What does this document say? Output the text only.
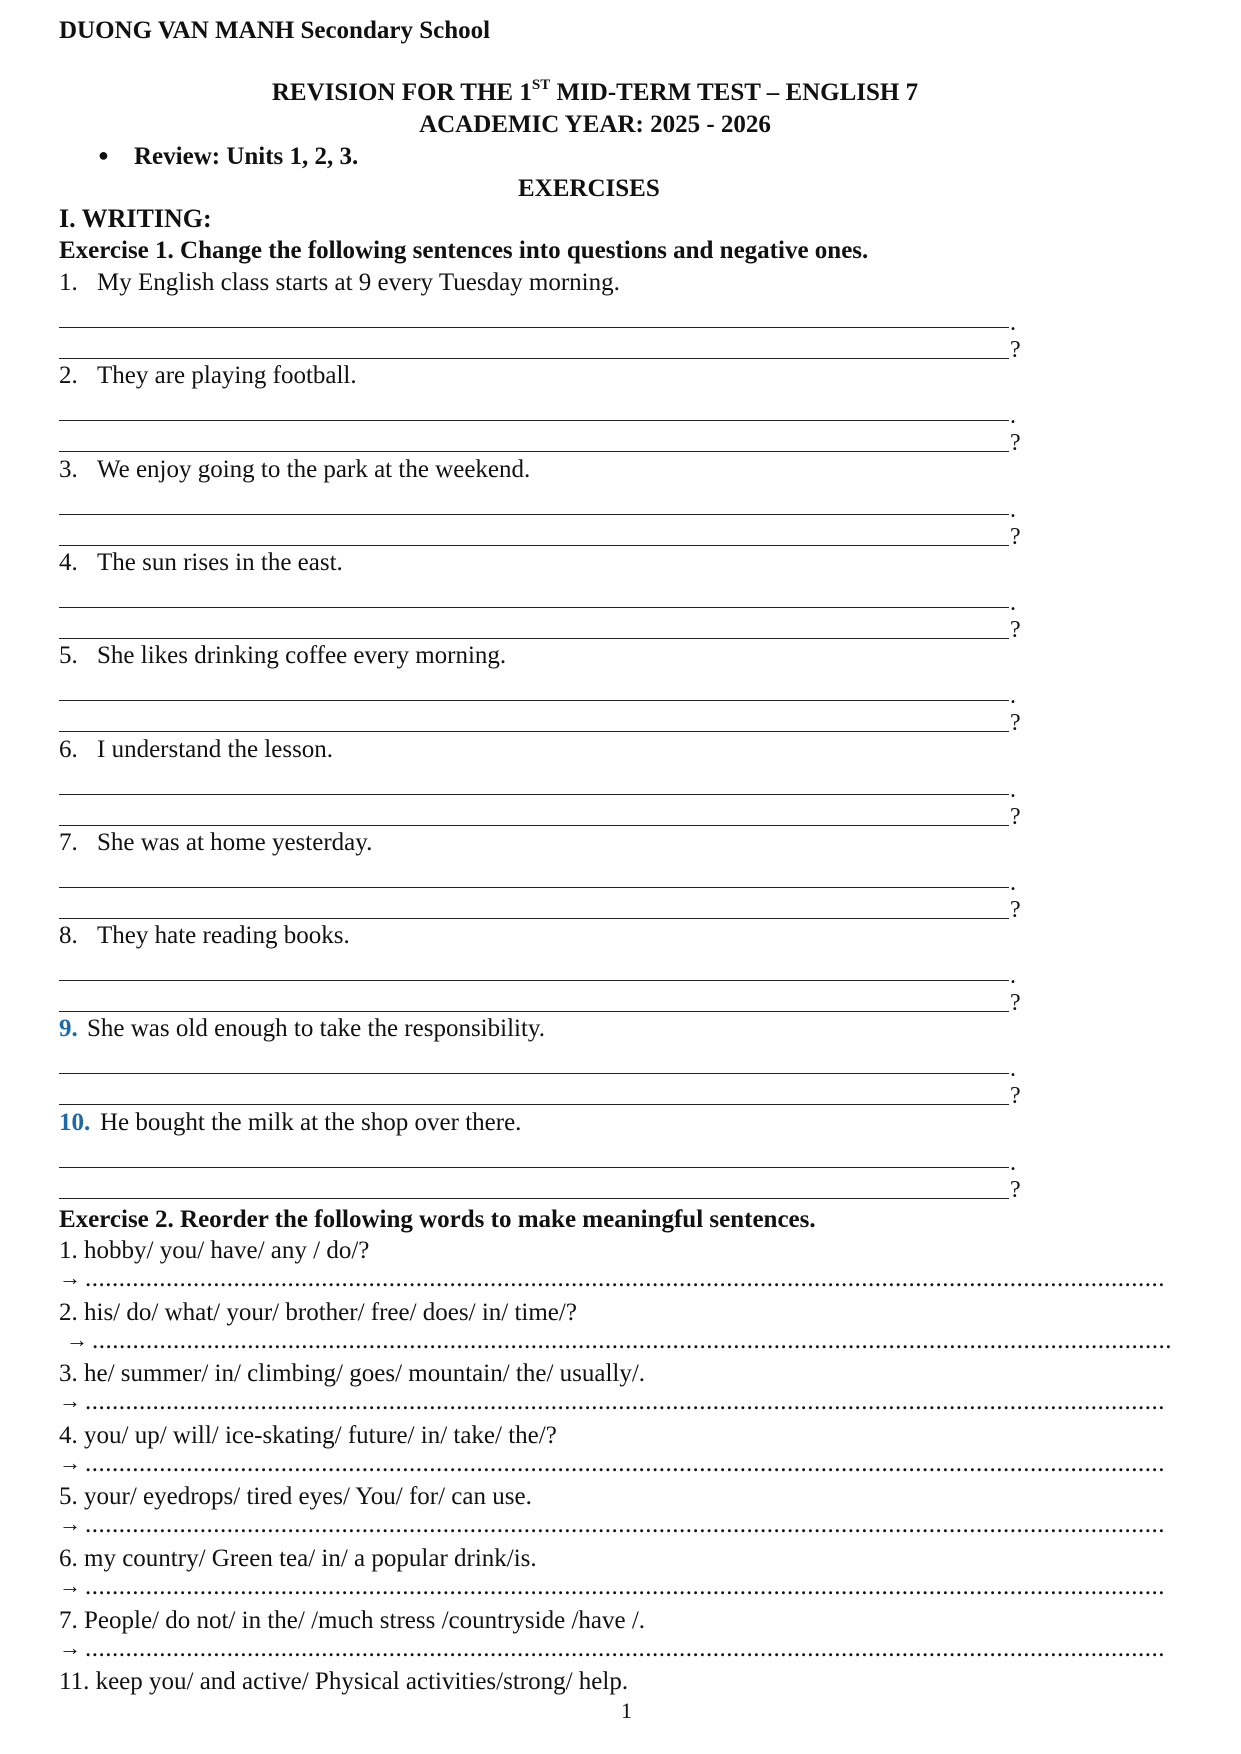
DUONG VAN MANH Secondary School
REVISION FOR THE 1ST MID-TERM TEST – ENGLISH 7
ACADEMIC YEAR: 2025 - 2026
● Review: Units 1, 2, 3.
EXERCISES
I. WRITING:
Exercise 1. Change the following sentences into questions and negative ones.
1. My English class starts at 9 every Tuesday morning.
.
?
2. They are playing football.
.
?
3. We enjoy going to the park at the weekend.
.
?
4. The sun rises in the east.
.
?
5. She likes drinking coffee every morning.
.
?
6. I understand the lesson.
.
?
7. She was at home yesterday.
.
?
8. They hate reading books.
.
?
9. She was old enough to take the responsibility.
.
?
10. He bought the milk at the shop over there.
.
?
Exercise 2. Reorder the following words to make meaningful sentences.
1. hobby/ you/ have/ any / do/?
→ ................................................................................................................................................................
2. his/ do/ what/ your/ brother/ free/ does/ in/ time/?
→ ................................................................................................................................................................
3. he/ summer/ in/ climbing/ goes/ mountain/ the/ usually/.
→ ................................................................................................................................................................
4. you/ up/ will/ ice-skating/ future/ in/ take/ the/?
→ ................................................................................................................................................................
5. your/ eyedrops/ tired eyes/ You/ for/ can use.
→ ................................................................................................................................................................
6. my country/ Green tea/ in/ a popular drink/is.
→ ................................................................................................................................................................
7. People/ do not/ in the/ /much stress /countryside /have /.
→ ................................................................................................................................................................
11. keep you/ and active/ Physical activities/strong/ help.
1
